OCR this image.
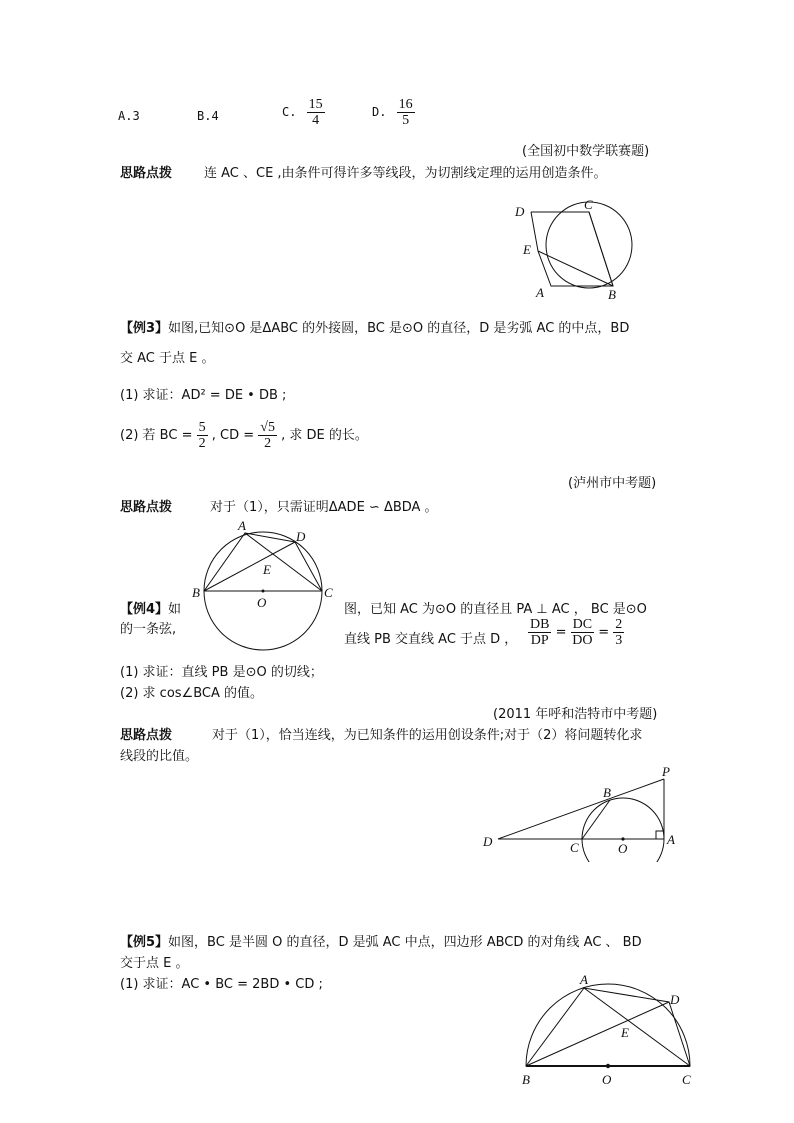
A.3	B.4	C. $\frac{15}{4}$	D. $\frac{16}{5}$
(全国初中数学联赛题)
思路点拨 连 AC 、CE ,由条件可得许多等线段，为切割线定理的运用创造条件。
D	C
E
A	B
【例3】如图,已知⊙O 是ΔABC 的外接圆，BC 是⊙O 的直径，D 是劣弧 AC 的中点，BD
交 AC 于点 E 。
(1) 求证：AD² = DE • DB ;
(2) 若 BC = $\frac{5}{2}$ , CD = $\frac{√5}{2}$ , 求 DE 的长。
(泸州市中考题)
思路点拨	对于（1），只需证明ΔADE ∽ ΔBDA 。
A
D
E
B
O
C
【例4】如
的一条弦,
图，已知 AC 为⊙O 的直径且 PA ⊥ AC ， BC 是⊙O
直线 PB 交直线 AC 于点 D ， $\frac{DB}{DP} = \frac{DC}{DO} = \frac{2}{3}$
(1) 求证：直线 PB 是⊙O 的切线；
(2) 求 cos∠BCA 的值。
(2011 年呼和浩特市中考题)
思路点拨	对于（1），恰当连线，为已知条件的运用创设条件;对于（2）将问题转化求
线段的比值。
P
B
D	C	O
A
【例5】如图，BC 是半圆 O 的直径，D 是弧 AC 中点，四边形 ABCD 的对角线 AC 、 BD
交于点 E 。
(1) 求证：AC • BC = 2BD • CD ;	A
D
E
B	O	C
